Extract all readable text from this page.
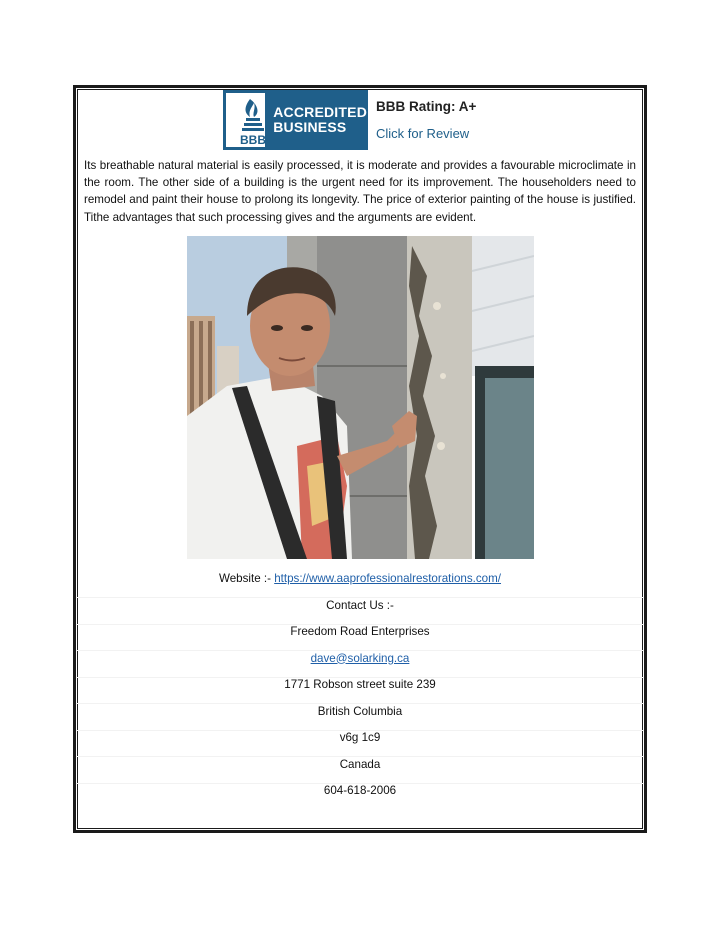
BBB
ACCREDITED
BUSINESS
BBB Rating: A+
Click for Review

Its breathable natural material is easily processed, it is moderate and provides a favourable microclimate in the room. The other side of a building is the urgent need for its improvement. The householders need to remodel and paint their house to prolong its longevity. The price of exterior painting of the house is justified. Tithe advantages that such processing gives and the arguments are evident.

Website :- https://www.aaprofessionalrestorations.com/
Contact Us :-
Freedom Road Enterprises
dave@solarking.ca
1771 Robson street suite 239
British Columbia
v6g 1c9
Canada
604-618-2006
